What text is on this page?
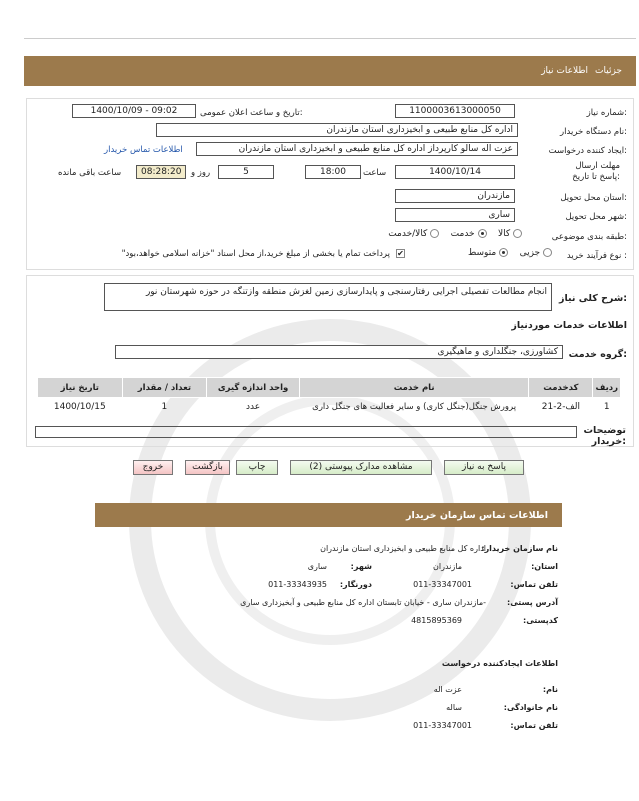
جزئیات
اطلاعات نیاز
شماره نیاز:
1100003613000050
تاریخ و ساعت اعلان عمومی:
1400/10/09 - 09:02
نام دستگاه خریدار:
اداره کل منابع طبیعی و ابخیزداری استان مازندران
ایجاد کننده درخواست:
عزت اله سالو کارپرداز اداره کل منابع طبیعی و ابخیزداری استان مازندران
اطلاعات تماس خریدار
مهلت ارسال پاسخ تا تاریخ:
1400/10/14
ساعت
18:00
5
روز و
08:28:20
ساعت باقی مانده
استان محل تحویل:
مازندران
شهر محل تحویل:
ساری
طبقه بندی موضوعی:
کالا     خدمت     کالا/خدمت
نوع فرآیند خرید :
جزیی     متوسط
✔
پرداخت تمام یا بخشی از مبلغ خرید،از محل اسناد "خزانه اسلامی خواهد،بود"
شرح کلی نیاز:
انجام مطالعات تفصیلی اجرایی رفتارسنجی و پایدارسازی زمین لغزش منطقه وازتنگه در حوزه شهرستان نور
اطلاعات خدمات موردنیاز
گروه خدمت:
کشاورزی، جنگلداری و ماهیگیری
ردیف	کدخدمت	نام خدمت	واحد اندازه گیری	تعداد / مقدار	تاریخ نیاز
1	الف-2-21	پرورش جنگل(جنگل کاری) و سایر فعالیت های جنگل داری	عدد	1	1400/10/15
توضیحات خریدار:
پاسخ به نیاز
مشاهده مدارک پیوستی (2)
چاپ
بازگشت
خروج
اطلاعات تماس سازمان خریدار
نام سازمان خریدار:
اداره کل منابع طبیعی و ابخیزداری استان مازندران
استان:
مازندران
شهر:
ساری
تلفن تماس:
011-33347001
دورنگار:
011-33343935
آدرس پستی:
-مازندران ساری - خیابان تابستان اداره کل منابع طبیعی و آبخیزداری ساری
کدپستی:
4815895369
اطلاعات ایجادکننده درخواست
نام:
عزت اله
نام خانوادگی:
ساله
تلفن تماس:
011-33347001
